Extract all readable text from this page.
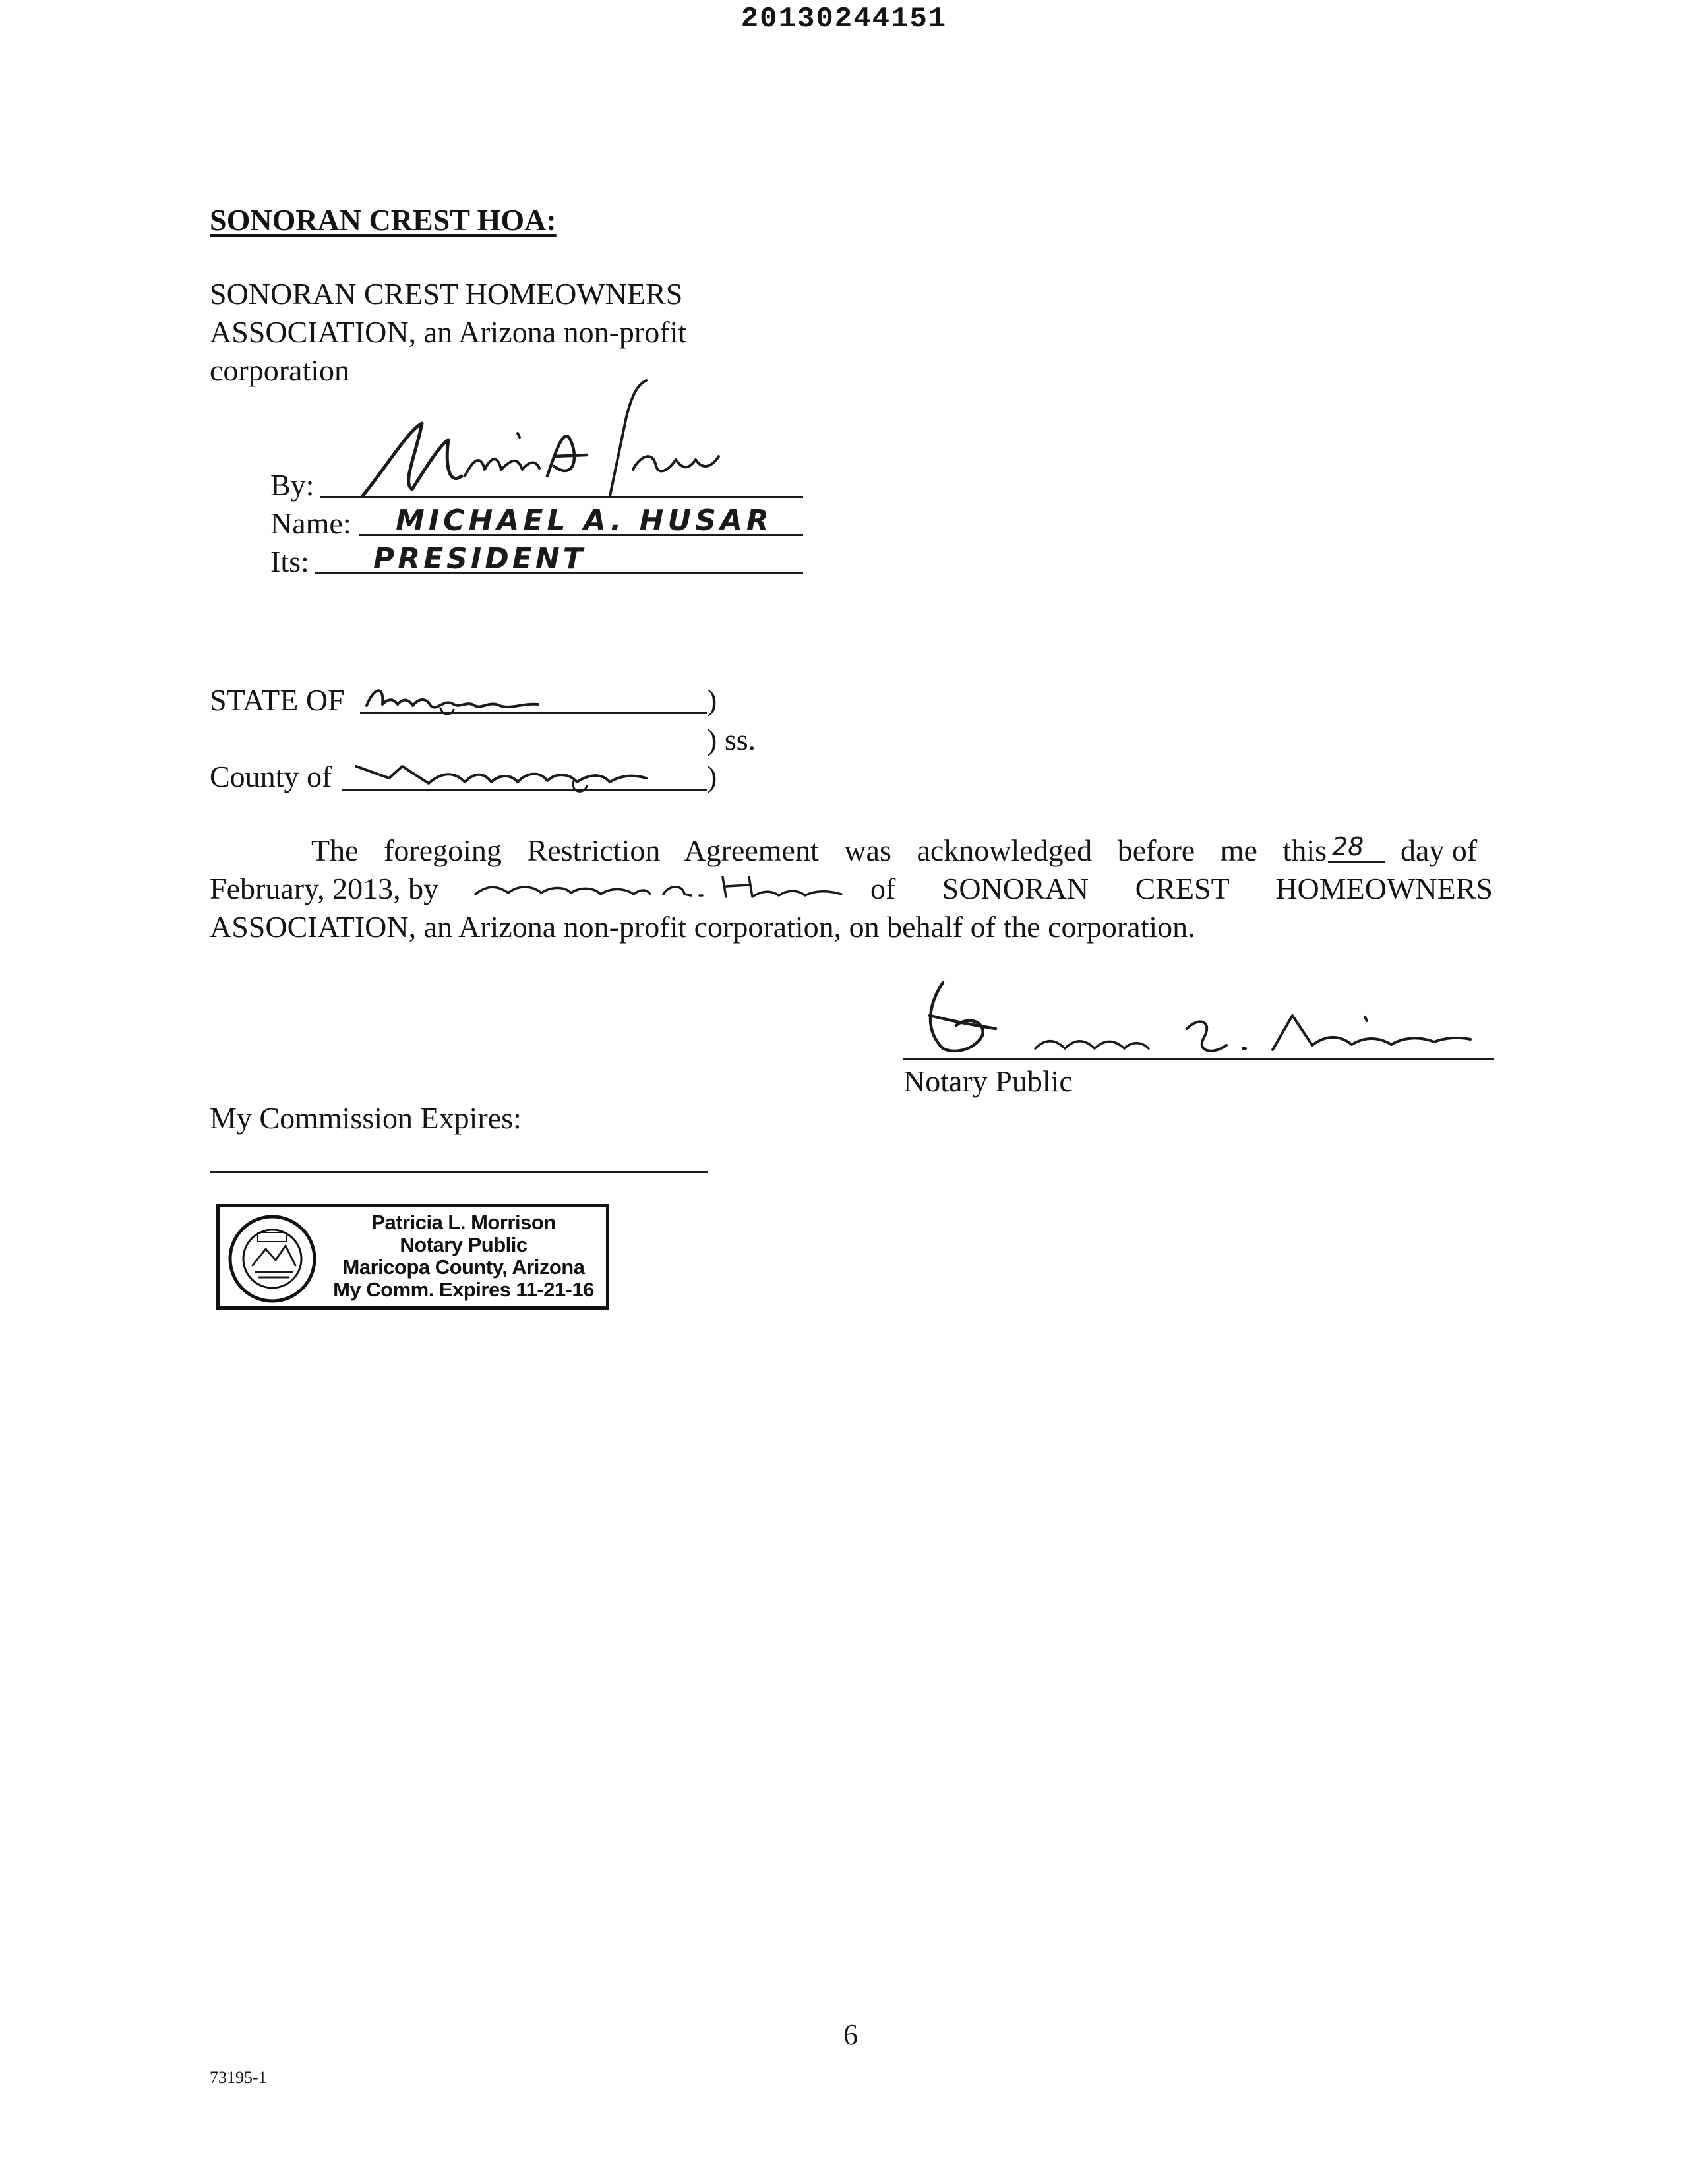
20130244151
SONORAN CREST HOA:
SONORAN CREST HOMEOWNERS
ASSOCIATION, an Arizona non-profit
corporation
By:
Name: MICHAEL A. HUSAR
Its: PRESIDENT
STATE OF	)
) ss.
County of	)
The foregoing Restriction Agreement was acknowledged before me this 28 day of
February, 2013, by	of SONORAN CREST HOMEOWNERS
ASSOCIATION, an Arizona non-profit corporation, on behalf of the corporation.
Notary Public
My Commission Expires:
Patricia L. Morrison
Notary Public
Maricopa County, Arizona
My Comm. Expires 11-21-16
6
73195-1
